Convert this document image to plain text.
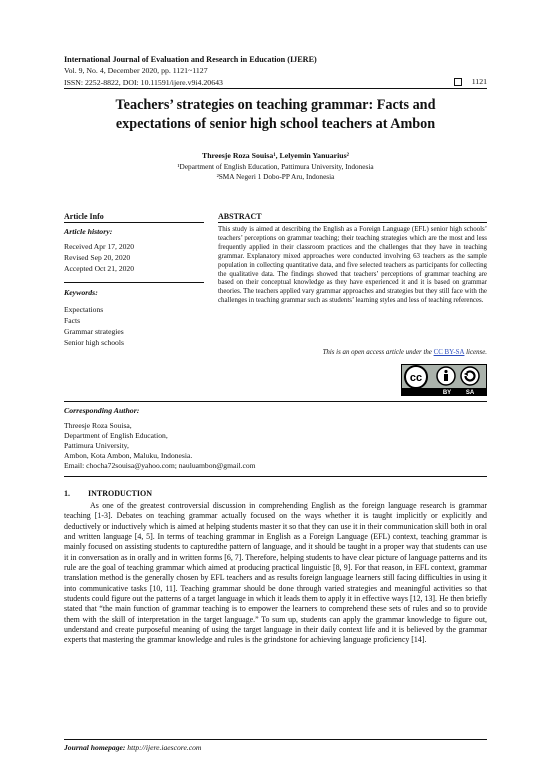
International Journal of Evaluation and Research in Education (IJERE)
Vol. 9, No. 4, December 2020, pp. 1121~1127
ISSN: 2252-8822, DOI: 10.11591/ijere.v9i4.20643	1121
Teachers’ strategies on teaching grammar: Facts and
expectations of senior high school teachers at Ambon
Threesje Roza Souisa¹, Lelyemin Yanuarius²
¹Department of English Education, Pattimura University, Indonesia
²SMA Negeri 1 Dobo-PP Aru, Indonesia
Article Info	ABSTRACT
Article history:
Received Apr 17, 2020
Revised Sep 20, 2020
Accepted Oct 21, 2020
Keywords:
Expectations
Facts
Grammar strategies
Senior high schools
This study is aimed at describing the English as a Foreign Language (EFL) senior high schools’ teachers’ perceptions on grammar teaching; their teaching strategies which are the most and less frequently applied in their classroom practices and the challenges that they have in teaching grammar. Explanatory mixed approaches were conducted involving 63 teachers as the sample population in collecting quantitative data, and five selected teachers as participants for collecting the qualitative data. The findings showed that teachers’ perceptions of grammar teaching are based on their conceptual knowledge as they have experienced it and it is based on grammar theories. The teachers applied vary grammar approaches and strategies but they still face with the challenges in teaching grammar such as students’ learning styles and less of teaching references.
This is an open access article under the CC BY-SA license.
cc
BY SA
Corresponding Author:
Threesje Roza Souisa,
Department of English Education,
Pattimura University,
Ambon, Kota Ambon, Maluku, Indonesia.
Email: chocha72souisa@yahoo.com; nauluambon@gmail.com
1. INTRODUCTION
As one of the greatest controversial discussion in comprehending English as the foreign language research is grammar teaching [1-3]. Debates on teaching grammar actually focused on the ways whether it is taught implicitly or explicitly and deductively or inductively which is aimed at helping students master it so that they can use it in their communication skill both in oral and written language [4, 5]. In terms of teaching grammar in English as a Foreign Language (EFL) context, teaching grammar is mainly focused on assisting students to capturedthe pattern of language, and it should be taught in a proper way that students can use it in conversation as in orally and in written forms [6, 7]. Therefore, helping students to have clear picture of language patterns and its rule are the goal of teaching grammar which aimed at producing practical linguistic [8, 9]. For that reason, in EFL context, grammar translation method is the generally chosen by EFL teachers and as results foreign language learners still facing difficulties in using it into communicative tasks [10, 11]. Teaching grammar should be done through varied strategies and meaningful activities so that students could figure out the patterns of a target language in which it leads them to apply it in effective ways [12, 13]. He then briefly stated that “the main function of grammar teaching is to empower the learners to comprehend these sets of rules and so to provide them with the skill of interpretation in the target language.” To sum up, students can apply the grammar knowledge to figure out, understand and create purposeful meaning of using the target language in their daily context life and it is believed by the grammar experts that mastering the grammar knowledge and rules is the grindstone for achieving language proficiency [14].
Journal homepage: http://ijere.iaescore.com
